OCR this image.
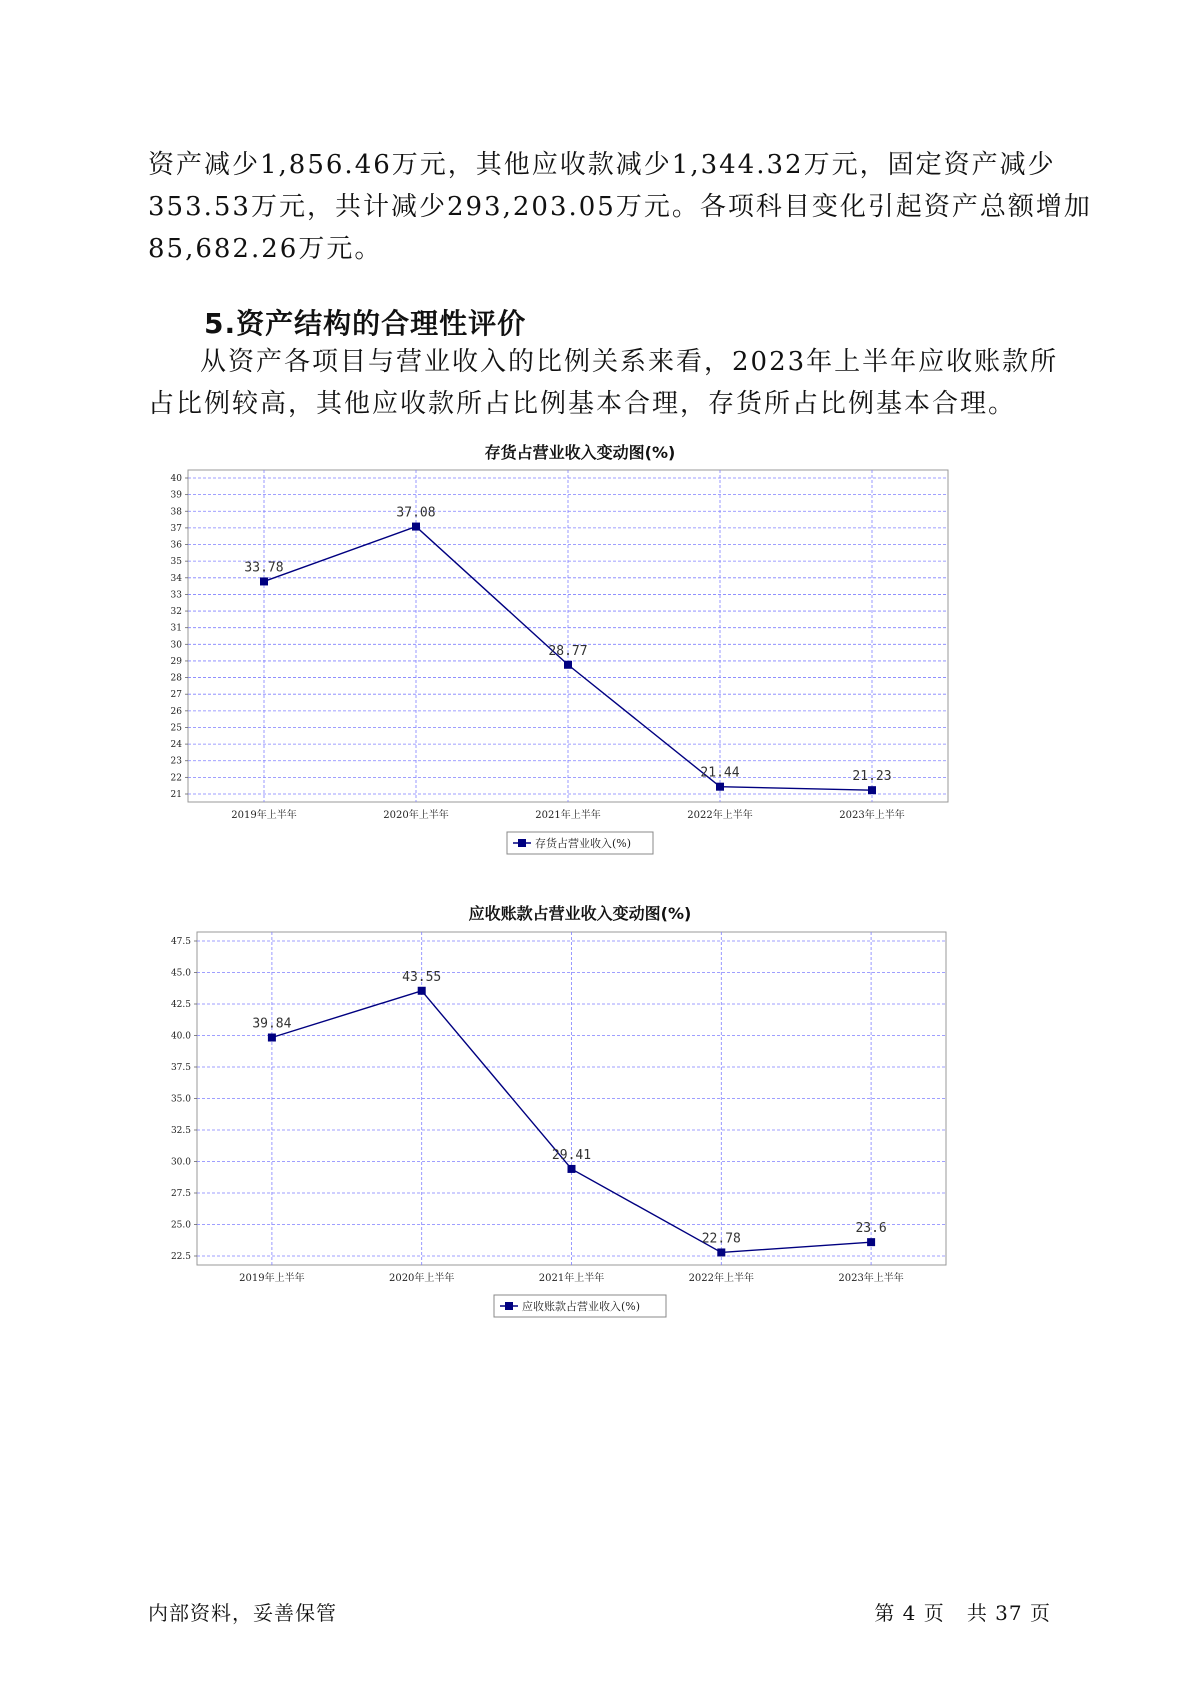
资产减少1,856.46万元，其他应收款减少1,344.32万元，固定资产减少
353.53万元，共计减少293,203.05万元。各项科目变化引起资产总额增加
85,682.26万元。
5.资产结构的合理性评价
从资产各项目与营业收入的比例关系来看，2023年上半年应收账款所
占比例较高，其他应收款所占比例基本合理，存货所占比例基本合理。
存货占营业收入变动图(%)
21
22
23
24
25
26
27
28
29
30
31
32
33
34
35
36
37
38
39
40
2019年上半年	2020年上半年	2021年上半年	2022年上半年	2023年上半年
33.78
37.08
28.77
21.44	21.23
存货占营业收入(%)
应收账款占营业收入变动图(%)
22.5
25.0
27.5
30.0
32.5
35.0
37.5
40.0
42.5
45.0
47.5
2019年上半年	2020年上半年	2021年上半年	2022年上半年	2023年上半年
39.84
43.55
29.41
22.78
23.6
应收账款占营业收入(%)
内部资料，妥善保管	第 4 页   共 37 页
